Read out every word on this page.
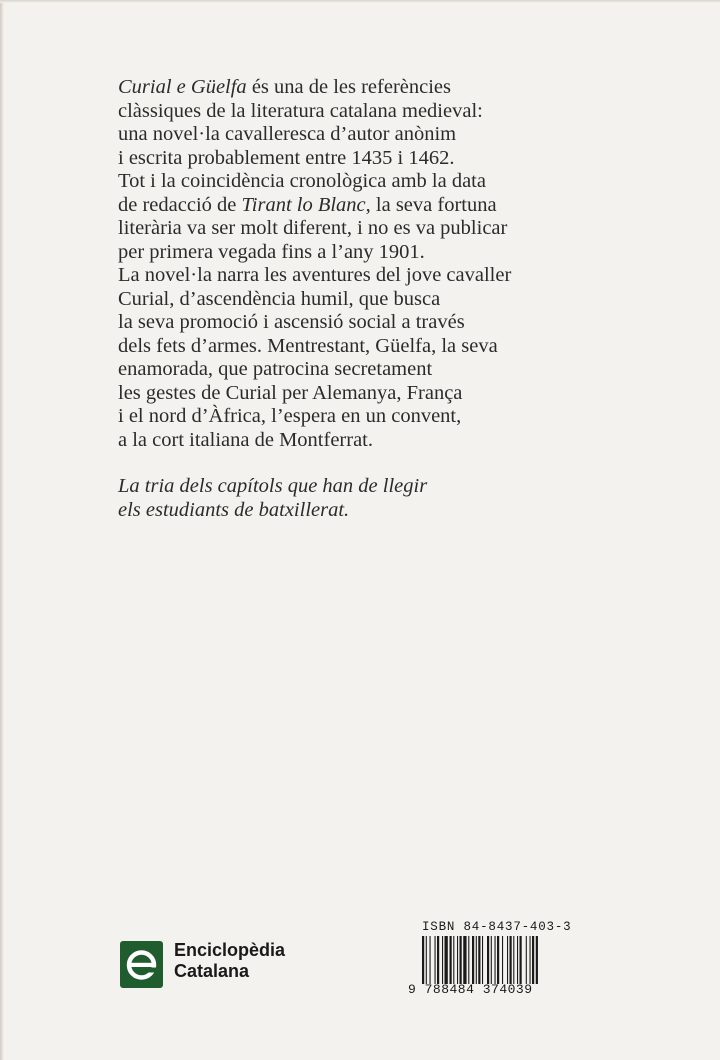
Curial e Güelfa és una de les referències

clàssiques de la literatura catalana medieval:

una novel·la cavalleresca d’autor anònim

i escrita probablement entre 1435 i 1462.

Tot i la coincidència cronològica amb la data

de redacció de Tirant lo Blanc, la seva fortuna

literària va ser molt diferent, i no es va publicar

per primera vegada fins a l’any 1901.

La novel·la narra les aventures del jove cavaller

Curial, d’ascendència humil, que busca

la seva promoció i ascensió social a través

dels fets d’armes. Mentrestant, Güelfa, la seva

enamorada, que patrocina secretament

les gestes de Curial per Alemanya, França

i el nord d’Àfrica, l’espera en un convent,

a la cort italiana de Montferrat.

La tria dels capítols que han de llegir

els estudiants de batxillerat.

Enciclopèdia
Catalana
ISBN 84-8437-403-3
9 788484 374039
